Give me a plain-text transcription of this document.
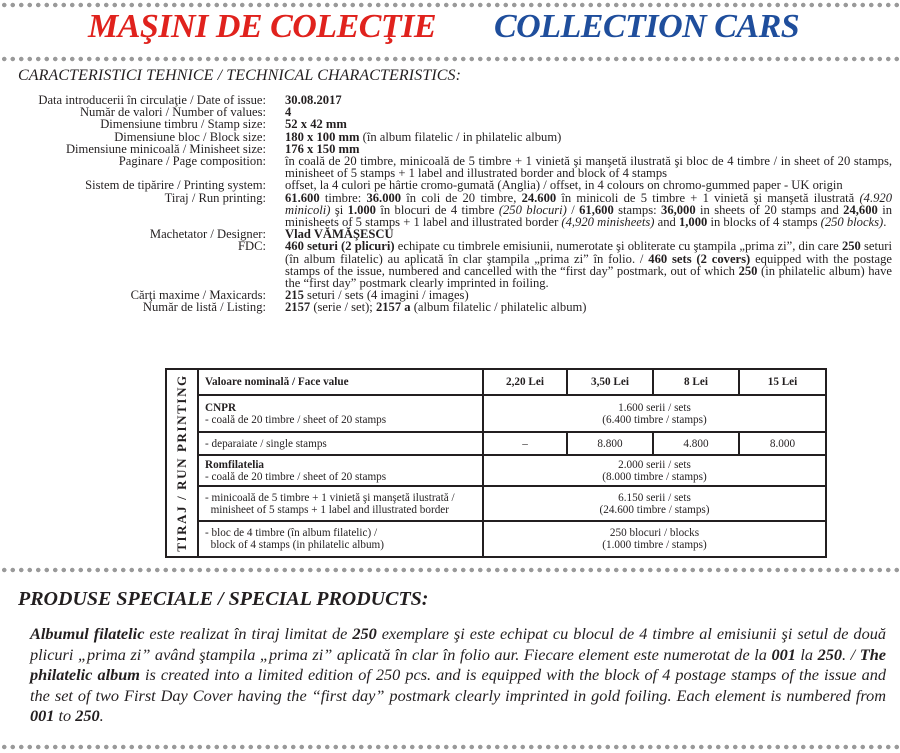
MAŞINI DE COLECŢIE COLLECTION CARS
CARACTERISTICI TEHNICE / TECHNICAL CHARACTERISTICS:
Data introducerii în circulaţie / Date of issue:	30.08.2017
Număr de valori / Number of values:	4
Dimensiune timbru / Stamp size:	52 x 42 mm
Dimensiune bloc / Block size:	180 x 100 mm (în album filatelic / in philatelic album)
Dimensiune minicoală / Minisheet size:	176 x 150 mm
Paginare / Page composition:	în coală de 20 timbre, minicoală de 5 timbre + 1 vinietă şi manşetă ilustrată şi bloc de 4 timbre / in sheet of 20 stamps, minisheet of 5 stamps + 1 label and illustrated border and block of 4 stamps
Sistem de tipărire / Printing system:	offset, la 4 culori pe hârtie cromo-gumată (Anglia) / offset, in 4 colours on chromo-gummed paper - UK origin
Tiraj / Run printing:	61.600 timbre: 36.000 în coli de 20 timbre, 24.600 în minicoli de 5 timbre + 1 vinietă şi manşetă ilustrată (4.920 minicoli) şi 1.000 în blocuri de 4 timbre (250 blocuri) / 61,600 stamps: 36,000 in sheets of 20 stamps and 24,600 in minisheets of 5 stamps + 1 label and illustrated border (4,920 minisheets) and 1,000 in blocks of 4 stamps (250 blocks).
Machetator / Designer:	Vlad VĂMĂŞESCU
FDC:	460 seturi (2 plicuri) echipate cu timbrele emisiunii, numerotate şi obliterate cu ştampila „prima zi”, din care 250 seturi (în album filatelic) au aplicată în clar ştampila „prima zi” în folio. / 460 sets (2 covers) equipped with the postage stamps of the issue, numbered and cancelled with the “first day” postmark, out of which 250 (in philatelic album) have the “first day” postmark clearly imprinted in foiling.
Cărţi maxime / Maxicards:	215 seturi / sets (4 imagini / images)
Număr de listă / Listing:	2157 (serie / set); 2157 a (album filatelic / philatelic album)
TIRAJ / RUN PRINTING Valoare nominală / Face value	2,20 Lei	3,50 Lei	8 Lei	15 Lei
CNPR
- coală de 20 timbre / sheet of 20 stamps	1.600 serii / sets
(6.400 timbre / stamps)			
- deparaiate / single stamps	–	8.800	4.800	8.000
Romfilatelia
- coală de 20 timbre / sheet of 20 stamps	2.000 serii / sets
(8.000 timbre / stamps)			
- minicoală de 5 timbre + 1 vinietă şi manşetă ilustrată /
minisheet of 5 stamps + 1 label and illustrated border	6.150 serii / sets
(24.600 timbre / stamps)			
- bloc de 4 timbre (în album filatelic) /
block of 4 stamps (in philatelic album)	250 blocuri / blocks
(1.000 timbre / stamps)			
PRODUSE SPECIALE / SPECIAL PRODUCTS:
Albumul filatelic este realizat în tiraj limitat de 250 exemplare şi este echipat cu blocul de 4 timbre al emisiunii şi setul de două plicuri „prima zi” având ştampila „prima zi” aplicată în clar în folio aur. Fiecare element este numerotat de la 001 la 250. / The philatelic album is created into a limited edition of 250 pcs. and is equipped with the block of 4 postage stamps of the issue and the set of two First Day Cover having the “first day” postmark clearly imprinted in gold foiling. Each element is numbered from 001 to 250.
